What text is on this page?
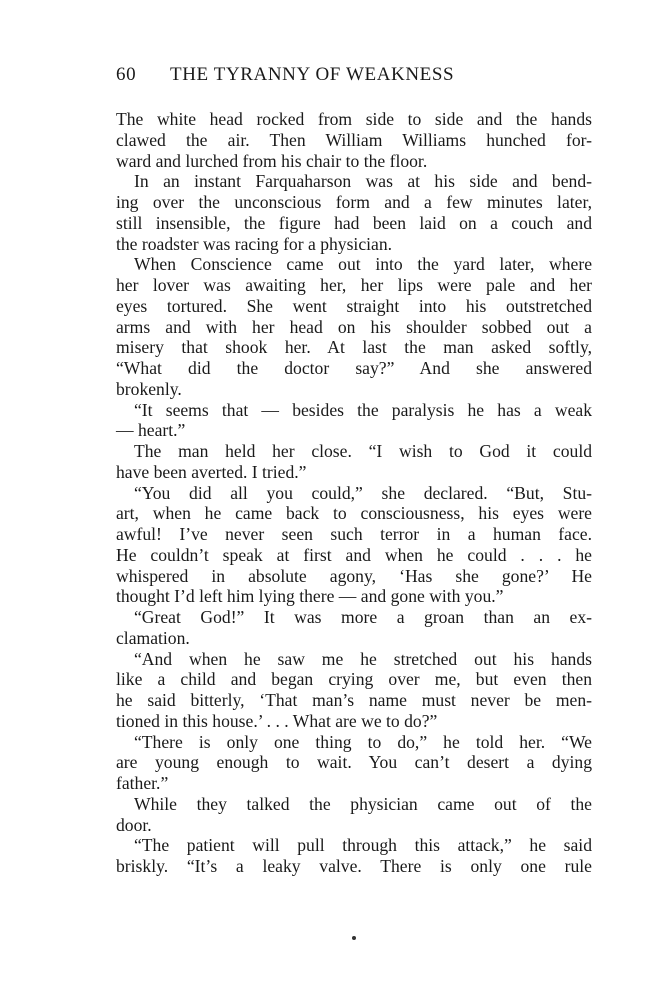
60	THE TYRANNY OF WEAKNESS
The white head rocked from side to side and the hands
clawed the air. Then William Williams hunched for-
ward and lurched from his chair to the floor.
In an instant Farquaharson was at his side and bend-
ing over the unconscious form and a few minutes later,
still insensible, the figure had been laid on a couch and
the roadster was racing for a physician.
When Conscience came out into the yard later, where
her lover was awaiting her, her lips were pale and her
eyes tortured. She went straight into his outstretched
arms and with her head on his shoulder sobbed out a
misery that shook her. At last the man asked softly,
“What did the doctor say?” And she answered
brokenly.
“It seems that — besides the paralysis he has a weak
— heart.”
The man held her close. “I wish to God it could
have been averted. I tried.”
“You did all you could,” she declared. “But, Stu-
art, when he came back to consciousness, his eyes were
awful! I’ve never seen such terror in a human face.
He couldn’t speak at first and when he could . . . he
whispered in absolute agony, ‘Has she gone?’ He
thought I’d left him lying there — and gone with you.”
“Great God!” It was more a groan than an ex-
clamation.
“And when he saw me he stretched out his hands
like a child and began crying over me, but even then
he said bitterly, ‘That man’s name must never be men-
tioned in this house.’ . . . What are we to do?”
“There is only one thing to do,” he told her. “We
are young enough to wait. You can’t desert a dying
father.”
While they talked the physician came out of the
door.
“The patient will pull through this attack,” he said
briskly. “It’s a leaky valve. There is only one rule
